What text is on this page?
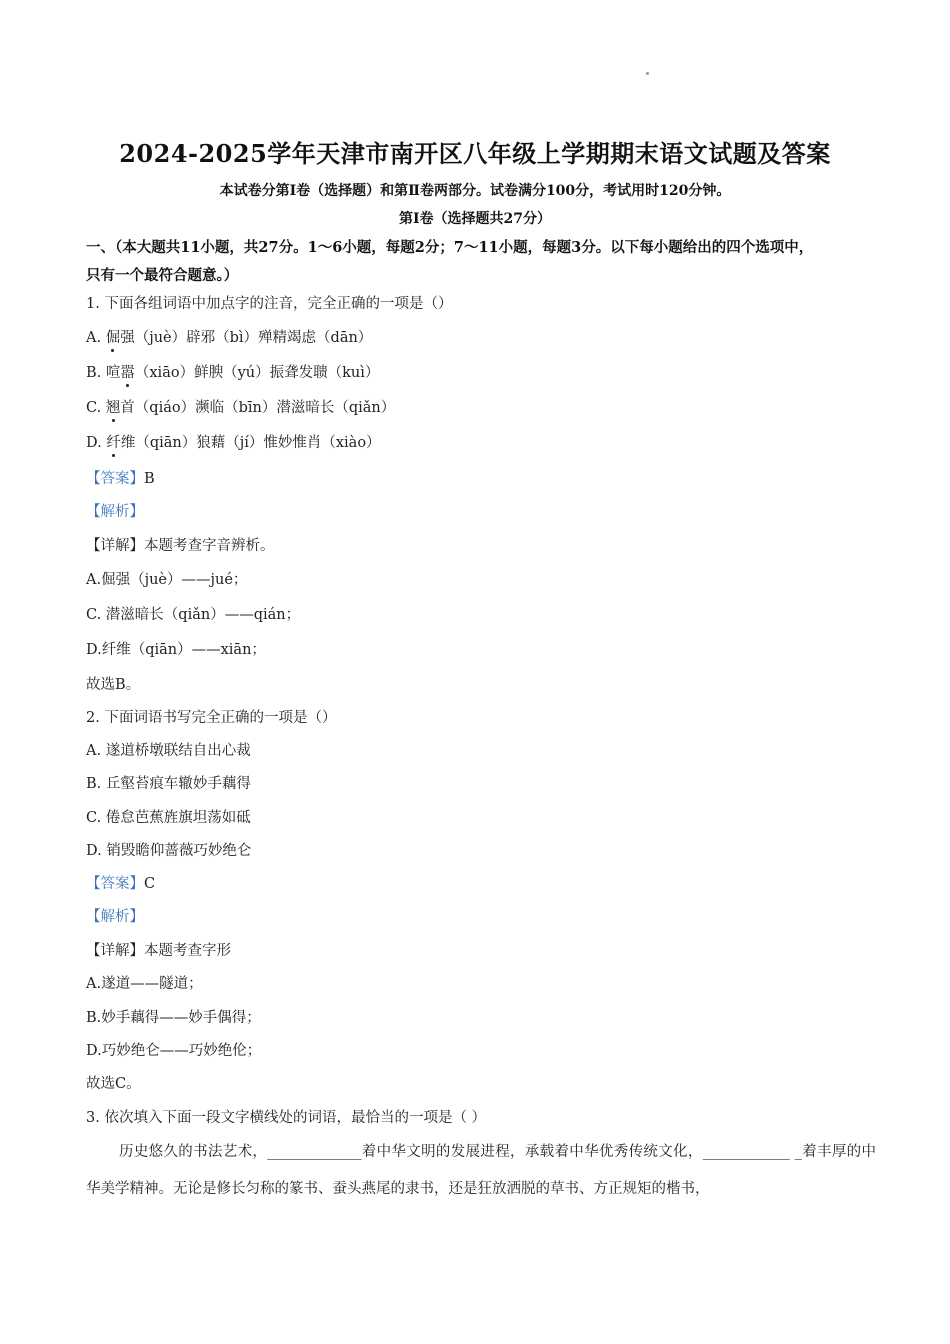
2024-2025学年天津市南开区八年级上学期期末语文试题及答案
本试卷分第Ⅰ卷（选择题）和第Ⅱ卷两部分。试卷满分100分，考试用时120分钟。
第Ⅰ卷（选择题共27分）
一、（本大题共11小题，共27分。1～6小题，每题2分；7～11小题，每题3分。以下每小题给出的四个选项中，
只有一个最符合题意。）
1. 下面各组词语中加点字的注音，完全正确的一项是（）
A. 倔强（juè）辟邪（bì）殚精竭虑（dān）
B. 喧嚣（xiāo）鲜腴（yú）振聋发聩（kuì）
C. 翘首（qiáo）濒临（bīn）潜滋暗长（qiǎn）
D. 纤维（qiān）狼藉（jí）惟妙惟肖（xiào）
【答案】B
【解析】
【详解】本题考查字音辨析。
A.倔强（juè）——jué；
C. 潜滋暗长（qiǎn）——qián；
D.纤维（qiān）——xiān；
故选B。
2. 下面词语书写完全正确的一项是（）
A. 遂道桥墩联结自出心裁
B. 丘壑苔痕车辙妙手藕得
C. 倦怠芭蕉旌旗坦荡如砥
D. 销毁瞻仰蔷薇巧妙绝仑
【答案】C
【解析】
【详解】本题考查字形
A.遂道——隧道；
B.妙手藕得——妙手偶得；
D.巧妙绝仑——巧妙绝伦；
故选C。
3. 依次填入下面一段文字横线处的词语，最恰当的一项是（ ）
历史悠久的书法艺术，_____________着中华文明的发展进程，承载着中华优秀传统文化，____________ _着丰厚的中华美学精神。无论是修长匀称的篆书、蚕头燕尾的隶书，还是狂放洒脱的草书、方正规矩的楷书，
